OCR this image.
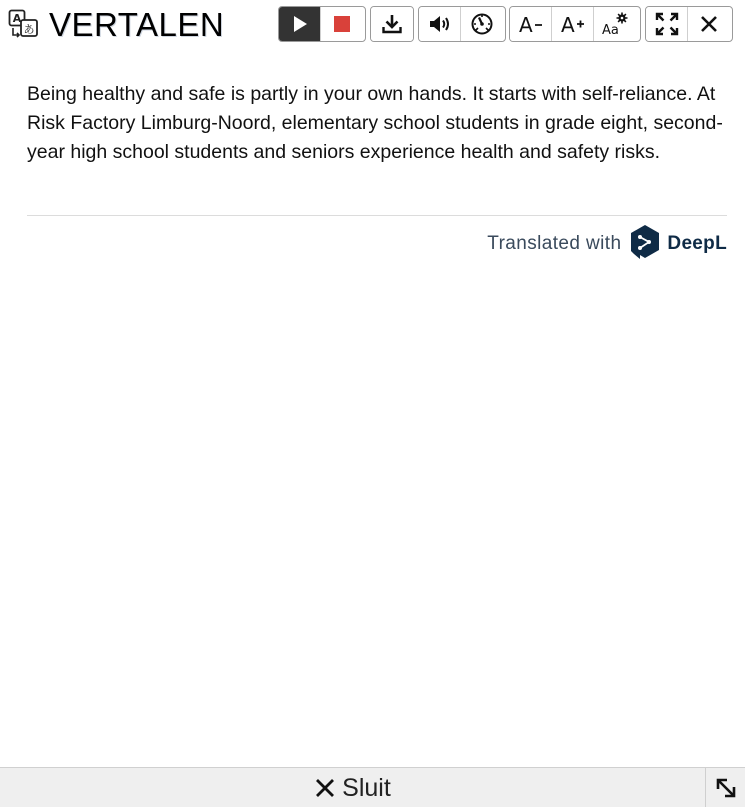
A
あ VERTALEN	A A Aa
Being healthy and safe is partly in your own hands. It starts with self-reliance. At Risk Factory Limburg-Noord, elementary school students in grade eight, second-year high school students and seniors experience health and safety risks.
Translated with DeepL
Sluit
